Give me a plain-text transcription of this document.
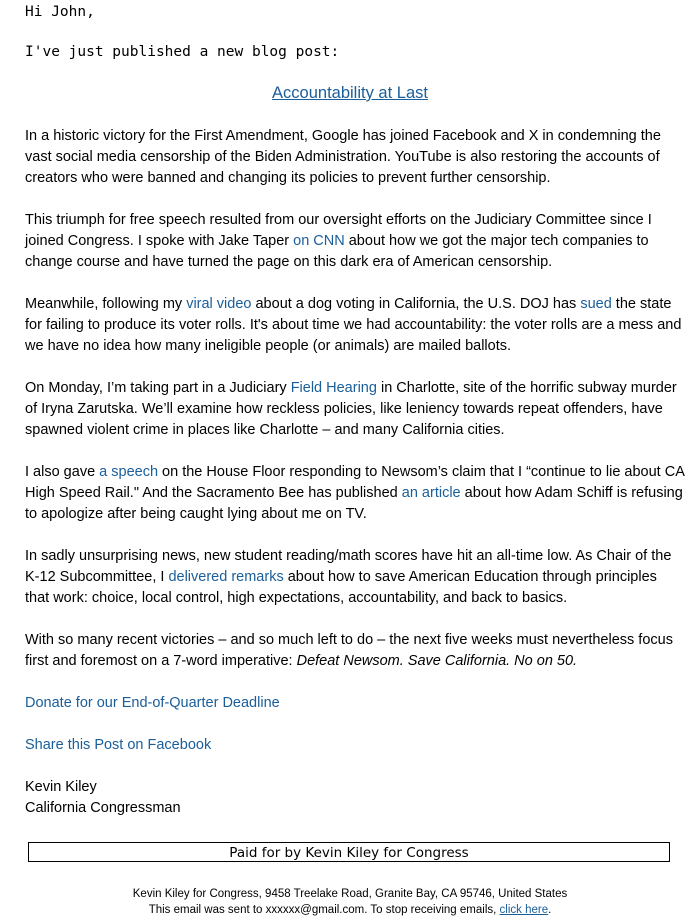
Hi John,
I've just published a new blog post:
Accountability at Last

In a historic victory for the First Amendment, Google has joined Facebook and X in condemning the vast social media censorship of the Biden Administration. YouTube is also restoring the accounts of creators who were banned and changing its policies to prevent further censorship.

This triumph for free speech resulted from our oversight efforts on the Judiciary Committee since I joined Congress. I spoke with Jake Taper on CNN about how we got the major tech companies to change course and have turned the page on this dark era of American censorship.

Meanwhile, following my viral video about a dog voting in California, the U.S. DOJ has sued the state for failing to produce its voter rolls. It's about time we had accountability: the voter rolls are a mess and we have no idea how many ineligible people (or animals) are mailed ballots.

On Monday, I’m taking part in a Judiciary Field Hearing in Charlotte, site of the horrific subway murder of Iryna Zarutska. We’ll examine how reckless policies, like leniency towards repeat offenders, have spawned violent crime in places like Charlotte – and many California cities.

I also gave a speech on the House Floor responding to Newsom’s claim that I “continue to lie about CA High Speed Rail." And the Sacramento Bee has published an article about how Adam Schiff is refusing to apologize after being caught lying about me on TV.

In sadly unsurprising news, new student reading/math scores have hit an all-time low. As Chair of the K-12 Subcommittee, I delivered remarks about how to save American Education through principles that work: choice, local control, high expectations, accountability, and back to basics.

With so many recent victories – and so much left to do – the next five weeks must nevertheless focus first and foremost on a 7-word imperative: Defeat Newsom. Save California. No on 50.

Donate for our End-of-Quarter Deadline

Share this Post on Facebook

Kevin Kiley

California Congressman

Paid for by Kevin Kiley for Congress
Kevin Kiley for Congress, 9458 Treelake Road, Granite Bay, CA 95746, United States
This email was sent to xxxxxx@gmail.com. To stop receiving emails, click here.
